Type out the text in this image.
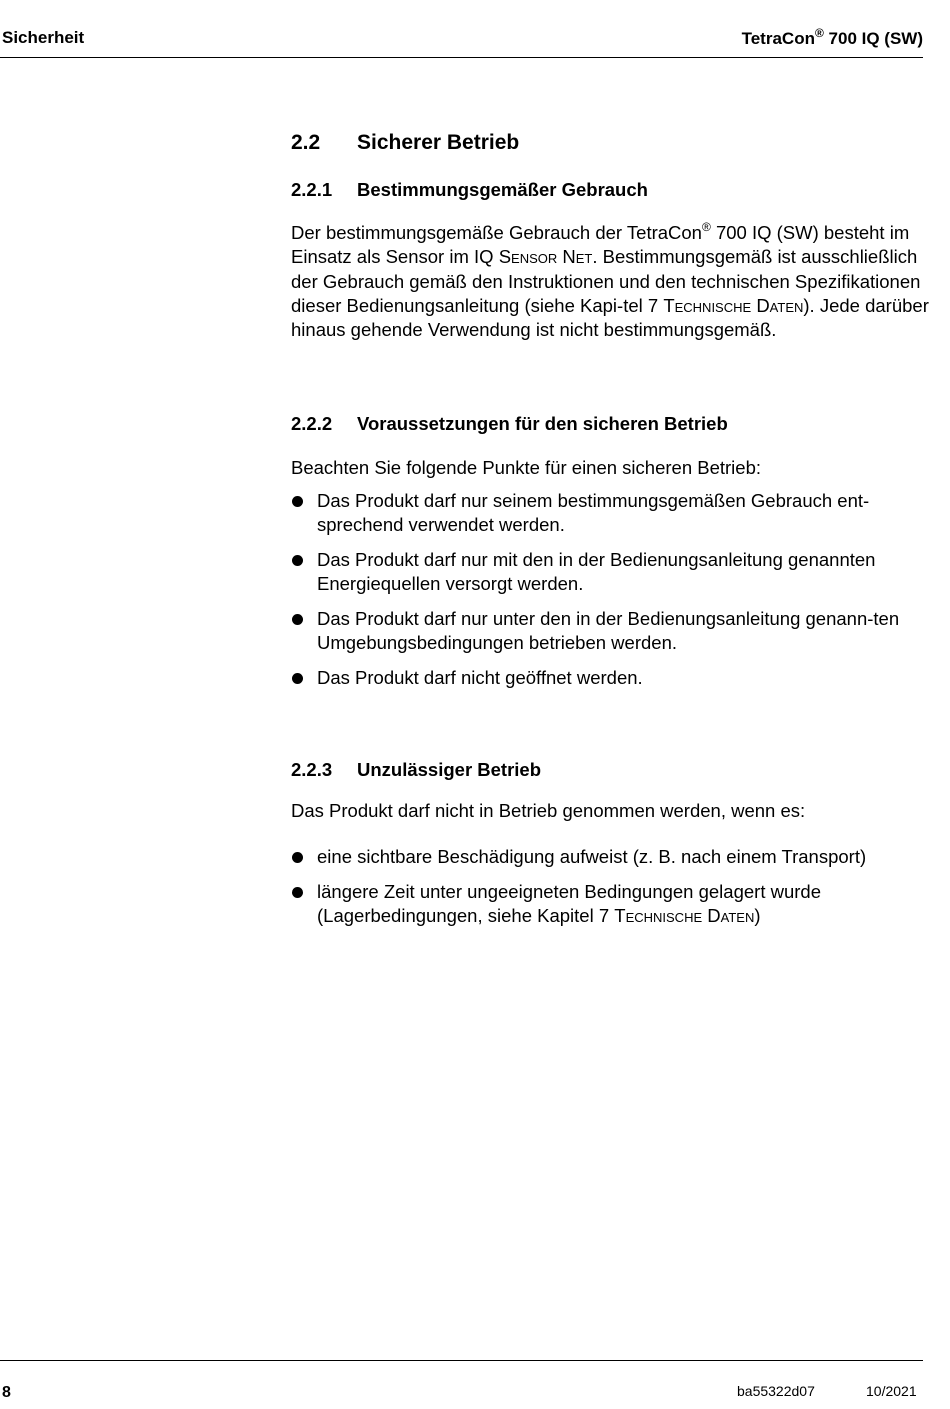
Sicherheit	TetraCon® 700 IQ (SW)
2.2 Sicherer Betrieb
2.2.1 Bestimmungsgemäßer Gebrauch
Der bestimmungsgemäße Gebrauch der TetraCon® 700 IQ (SW) besteht im Einsatz als Sensor im IQ Sensor Net. Bestimmungsgemäß ist ausschließlich der Gebrauch gemäß den Instruktionen und den technischen Spezifikationen dieser Bedienungsanleitung (siehe Kapi-tel 7 Technische Daten). Jede darüber hinaus gehende Verwendung ist nicht bestimmungsgemäß.
2.2.2 Voraussetzungen für den sicheren Betrieb
Beachten Sie folgende Punkte für einen sicheren Betrieb:
Das Produkt darf nur seinem bestimmungsgemäßen Gebrauch ent-sprechend verwendet werden.
Das Produkt darf nur mit den in der Bedienungsanleitung genannten Energiequellen versorgt werden.
Das Produkt darf nur unter den in der Bedienungsanleitung genann-ten Umgebungsbedingungen betrieben werden.
Das Produkt darf nicht geöffnet werden.
2.2.3 Unzulässiger Betrieb
Das Produkt darf nicht in Betrieb genommen werden, wenn es:
eine sichtbare Beschädigung aufweist (z. B. nach einem Transport)
längere Zeit unter ungeeigneten Bedingungen gelagert wurde (Lagerbedingungen, siehe Kapitel 7 Technische Daten)
8	ba55322d07	10/2021
